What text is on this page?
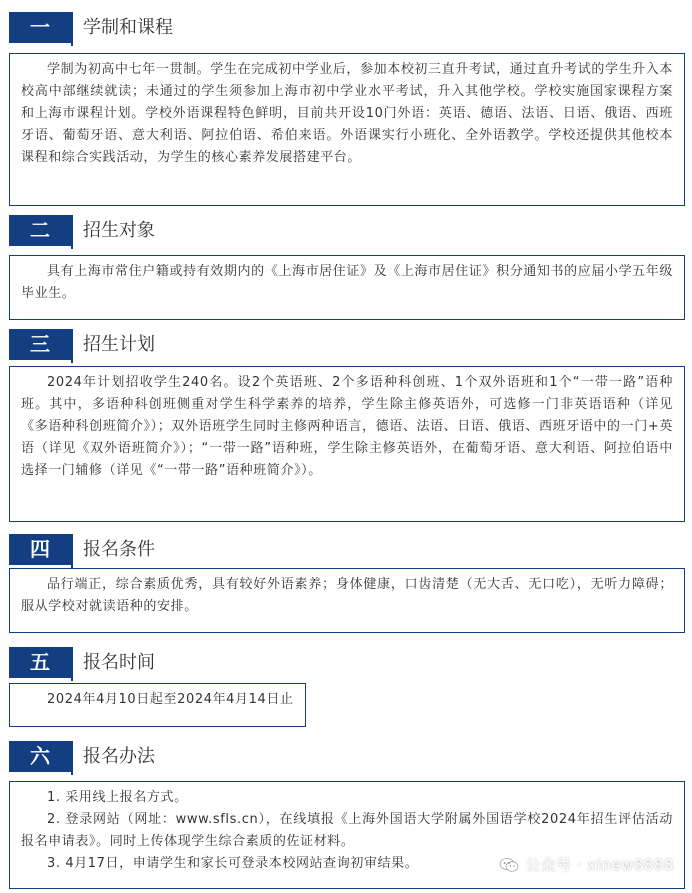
一	学制和课程

学制为初高中七年一贯制。学生在完成初中学业后，参加本校初三直升考试，通过直升考试的学生升入本校高中部继续就读；未通过的学生须参加上海市初中学业水平考试，升入其他学校。学校实施国家课程方案和上海市课程计划。学校外语课程特色鲜明，目前共开设10门外语：英语、德语、法语、日语、俄语、西班牙语、葡萄牙语、意大利语、阿拉伯语、希伯来语。外语课实行小班化、全外语教学。学校还提供其他校本课程和综合实践活动，为学生的核心素养发展搭建平台。

二	招生对象

具有上海市常住户籍或持有效期内的《上海市居住证》及《上海市居住证》积分通知书的应届小学五年级毕业生。

三	招生计划

2024年计划招收学生240名。设2个英语班、2个多语种科创班、1个双外语班和1个“一带一路”语种班。其中，多语种科创班侧重对学生科学素养的培养，学生除主修英语外，可选修一门非英语语种（详见《多语种科创班简介》）；双外语班学生同时主修两种语言，德语、法语、日语、俄语、西班牙语中的一门+英语（详见《双外语班简介》）；“一带一路”语种班，学生除主修英语外，在葡萄牙语、意大利语、阿拉伯语中选择一门辅修（详见《“一带一路”语种班简介》）。

四	报名条件

品行端正，综合素质优秀，具有较好外语素养；身体健康，口齿清楚（无大舌、无口吃），无听力障碍；服从学校对就读语种的安排。

五	报名时间

2024年4月10日起至2024年4月14日止

六	报名办法

1. 采用线上报名方式。

2. 登录网站（网址：www.sfls.cn），在线填报《上海外国语大学附属外国语学校2024年招生评估活动报名申请表》。同时上传体现学生综合素质的佐证材料。

3. 4月17日，申请学生和家长可登录本校网站查询初审结果。	公众号 · xinew8888
